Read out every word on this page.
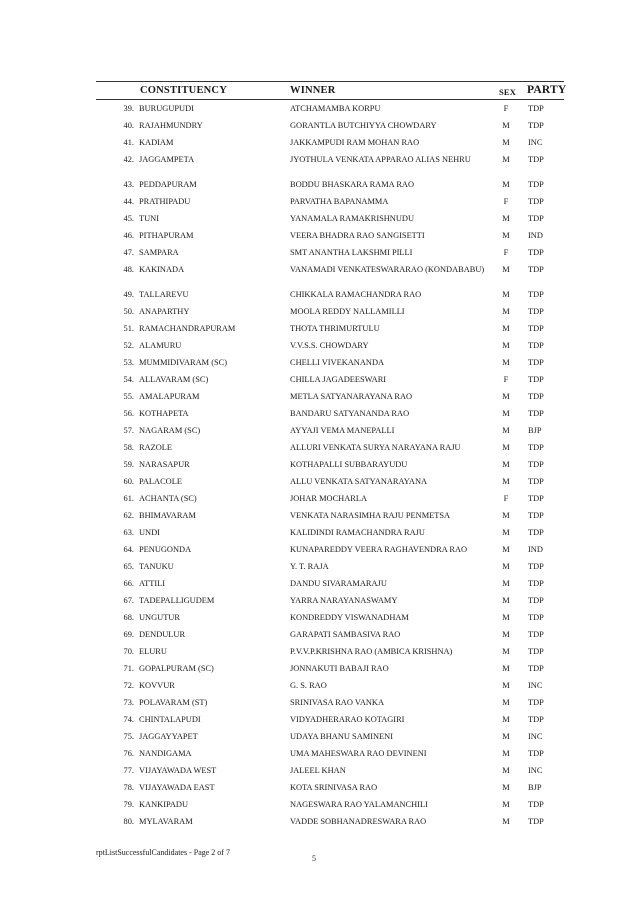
CONSTITUENCY	WINNER	SEX PARTY
39. BURUGUPUDI	ATCHAMAMBA KORPU	F	TDP
40. RAJAHMUNDRY	GORANTLA BUTCHIYYA CHOWDARY	M	TDP
41. KADIAM	JAKKAMPUDI RAM MOHAN RAO	M	INC
42. JAGGAMPETA	JYOTHULA VENKATA APPARAO ALIAS NEHRU	M	TDP
43. PEDDAPURAM	BODDU BHASKARA RAMA RAO	M	TDP
44. PRATHIPADU	PARVATHA BAPANAMMA	F	TDP
45. TUNI	YANAMALA RAMAKRISHNUDU	M	TDP
46. PITHAPURAM	VEERA BHADRA RAO SANGISETTI	M	IND
47. SAMPARA	SMT ANANTHA LAKSHMI PILLI	F	TDP
48. KAKINADA	VANAMADI VENKATESWARARAO (KONDABABU)	M	TDP
49. TALLAREVU	CHIKKALA RAMACHANDRA RAO	M	TDP
50. ANAPARTHY	MOOLA REDDY NALLAMILLI	M	TDP
51. RAMACHANDRAPURAM	THOTA THRIMURTULU	M	TDP
52. ALAMURU	V.V.S.S. CHOWDARY	M	TDP
53. MUMMIDIVARAM (SC)	CHELLI VIVEKANANDA	M	TDP
54. ALLAVARAM (SC)	CHILLA JAGADEESWARI	F	TDP
55. AMALAPURAM	METLA SATYANARAYANA RAO	M	TDP
56. KOTHAPETA	BANDARU SATYANANDA RAO	M	TDP
57. NAGARAM (SC)	AYYAJI VEMA MANEPALLI	M	BJP
58. RAZOLE	ALLURI VENKATA SURYA NARAYANA RAJU	M	TDP
59. NARASAPUR	KOTHAPALLI SUBBARAYUDU	M	TDP
60. PALACOLE	ALLU VENKATA SATYANARAYANA	M	TDP
61. ACHANTA (SC)	JOHAR MOCHARLA	F	TDP
62. BHIMAVARAM	VENKATA NARASIMHA RAJU PENMETSA	M	TDP
63. UNDI	KALIDINDI RAMACHANDRA RAJU	M	TDP
64. PENUGONDA	KUNAPAREDDY VEERA RAGHAVENDRA RAO	M	IND
65. TANUKU	Y. T. RAJA	M	TDP
66. ATTILI	DANDU SIVARAMARAJU	M	TDP
67. TADEPALLIGUDEM	YARRA NARAYANASWAMY	M	TDP
68. UNGUTUR	KONDREDDY VISWANADHAM	M	TDP
69. DENDULUR	GARAPATI SAMBASIVA RAO	M	TDP
70. ELURU	P.V.V.P.KRISHNA RAO (AMBICA KRISHNA)	M	TDP
71. GOPALPURAM (SC)	JONNAKUTI BABAJI RAO	M	TDP
72. KOVVUR	G. S. RAO	M	INC
73. POLAVARAM (ST)	SRINIVASA RAO VANKA	M	TDP
74. CHINTALAPUDI	VIDYADHERARAO KOTAGIRI	M	TDP
75. JAGGAYYAPET	UDAYA BHANU SAMINENI	M	INC
76. NANDIGAMA	UMA MAHESWARA RAO DEVINENI	M	TDP
77. VIJAYAWADA WEST	JALEEL KHAN	M	INC
78. VIJAYAWADA EAST	KOTA SRINIVASA RAO	M	BJP
79. KANKIPADU	NAGESWARA RAO YALAMANCHILI	M	TDP
80. MYLAVARAM	VADDE SOBHANADRESWARA RAO	M	TDP
rptListSuccessfulCandidates - Page 2 of 7
5
